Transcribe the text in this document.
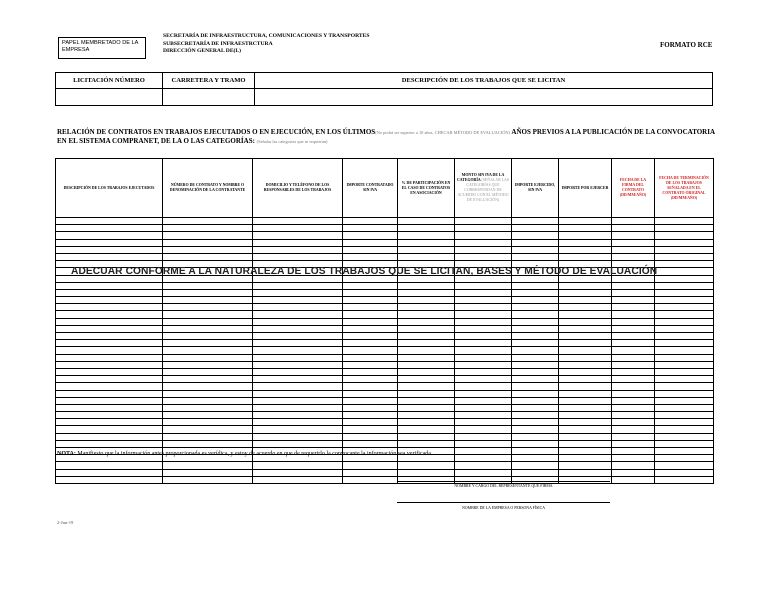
PAPEL MEMBRETADO DE LA EMPRESA
SECRETARÍA DE INFRAESTRUCTURA, COMUNICACIONES Y TRANSPORTES
SUBSECRETARÍA DE INFRAESTRCTURA
DIRECCIÓN GENERAL DE(L)
FORMATO RCE
LICITACIÓN NÚMERO	CARRETERA Y TRAMO	DESCRIPCIÓN DE LOS TRABAJOS QUE SE LICITAN

RELACIÓN DE CONTRATOS EN TRABAJOS EJECUTADOS O EN EJECUCIÓN, EN LOS ÚLTIMOS(No podrá ser superior a 10 años, CHECAR MÉTODO DE EVALUACIÓN) AÑOS PREVIOS A LA PUBLICACIÓN DE LA CONVOCATORIA EN EL SISTEMA COMPRANET, DE LA O LAS CATEGORÍAS: (Señalar las categorías que se requieran)
DESCRIPCIÓN DE LOS TRABAJOS EJECUTADOS	NÚMERO DE CONTRATO Y NOMBRE O DENOMINACIÓN DE LA CONTRATANTE	DOMICILIO Y TELÉFONO DE LOS RESPONSABLES DE LOS TRABAJOS	IMPORTE CONTRATADO SIN IVA	% DE PARTICIPACIÓN EN EL CASO DE CONTRATOS EN ASOCIACIÓN	MONTO SIN IVA DE LA CATEGORÍA (SEÑALAR LAS CATEGORÍAS QUE CORRESPONDAN DE ACUERDO CON EL MÉTODO DE EVALUACIÓN)	IMPORTE EJERCIDO, SIN IVA	IMPORTE POR EJERCER	FECHA DE LA FIRMA DEL CONTRATO (DD/MM/AÑO)	FECHA DE TERMINACIÓN DE LOS TRABAJOS SEÑALADA EN EL CONTRATO ORIGINAL (DD/MM/AÑO)

ADECUAR CONFORME A LA NATURALEZA DE LOS TRABAJOS QUE SE LICITAN, BASES Y MÉTODO DE EVALUACIÓN
NOTA: Manifiesto que la información antes proporcionada es verídica, y estoy de acuerdo en que de requerirlo la convocante la información sea verificada
NOMBRE Y CARGO DEL REPRESENTANTE QUE FIRMA
NOMBRE DE LA EMPRESA O PERSONA FÍSICA
2-Jun-19
